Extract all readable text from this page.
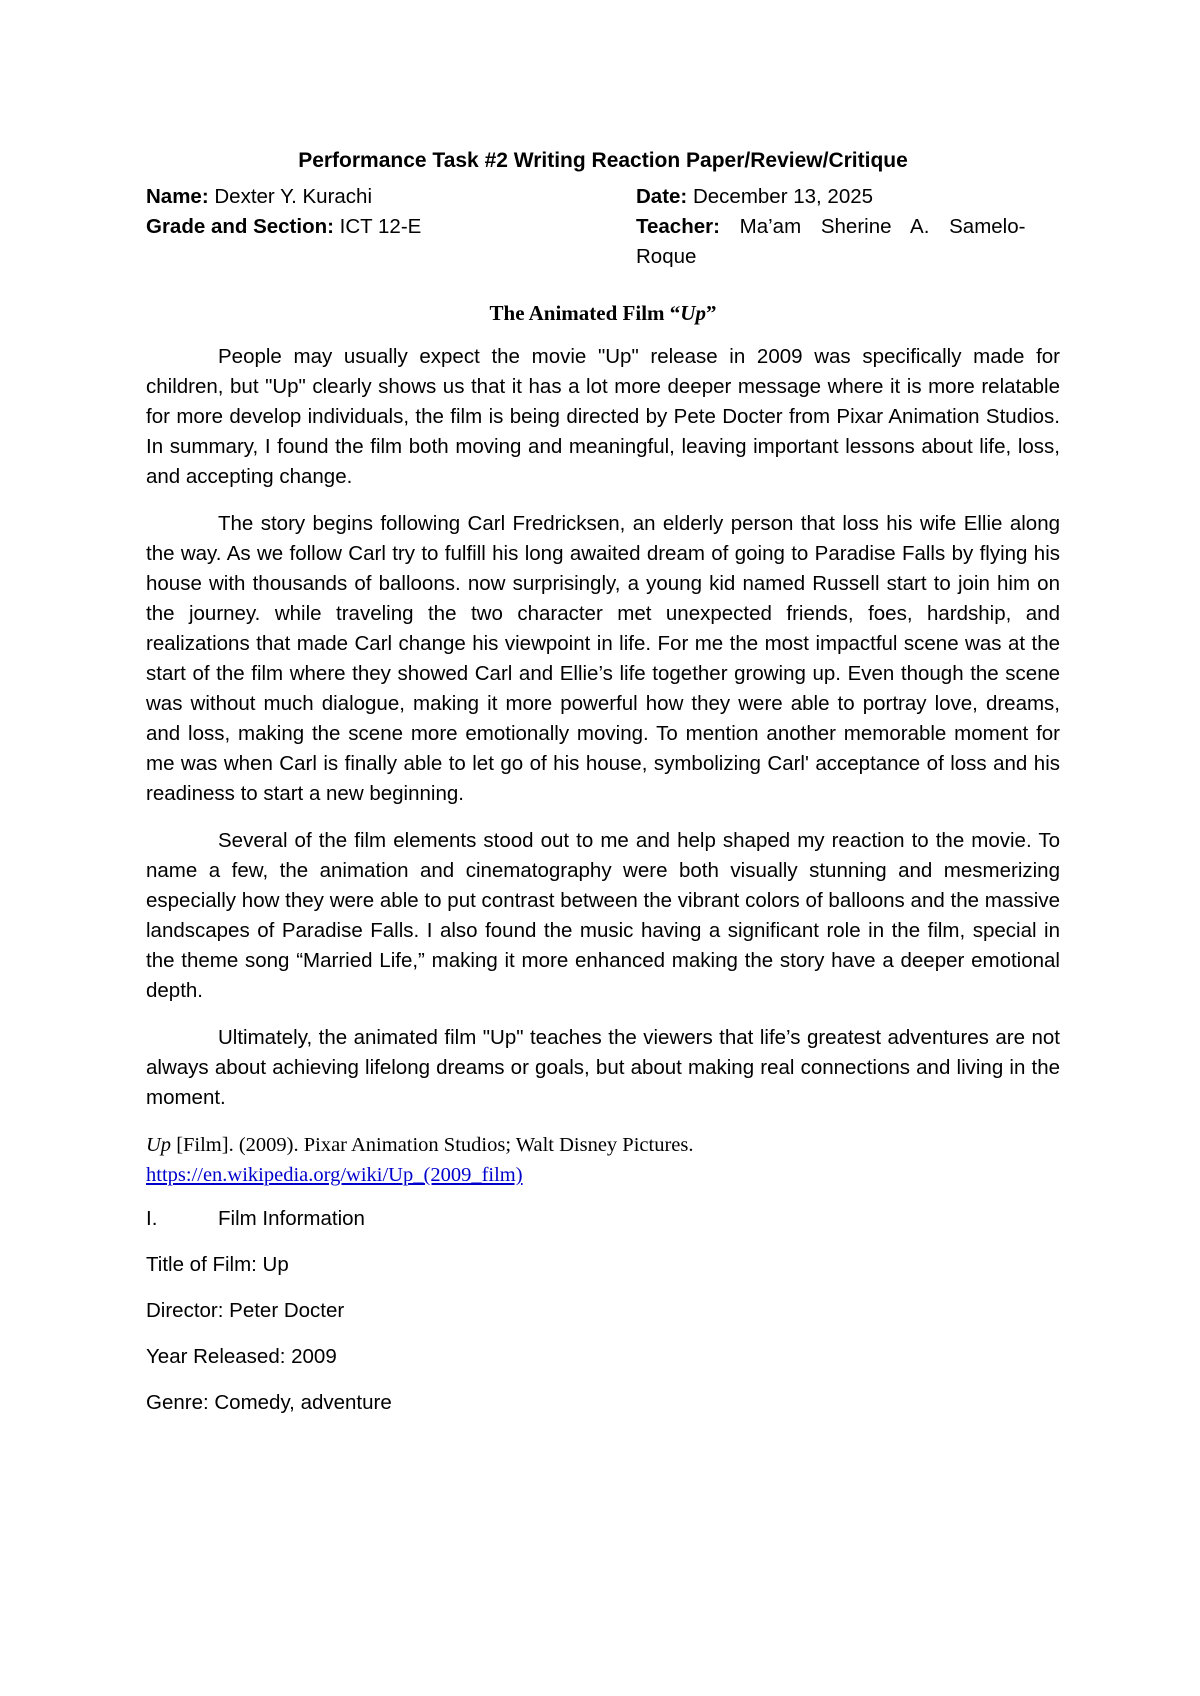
Performance Task #2 Writing Reaction Paper/Review/Critique
Name: Dexter Y. Kurachi	Date: December 13, 2025
Grade and Section: ICT 12-E	Teacher: Ma’am Sherine A. Samelo-
Roque
The Animated Film “Up”

People may usually expect the movie "Up" release in 2009 was specifically made for children, but "Up" clearly shows us that it has a lot more deeper message where it is more relatable for more develop individuals, the film is being directed by Pete Docter from Pixar Animation Studios. In summary, I found the film both moving and meaningful, leaving important lessons about life, loss, and accepting change.

The story begins following Carl Fredricksen, an elderly person that loss his wife Ellie along the way. As we follow Carl try to fulfill his long awaited dream of going to Paradise Falls by flying his house with thousands of balloons. now surprisingly, a young kid named Russell start to join him on the journey. while traveling the two character met unexpected friends, foes, hardship, and realizations that made Carl change his viewpoint in life. For me the most impactful scene was at the start of the film where they showed Carl and Ellie’s life together growing up. Even though the scene was without much dialogue, making it more powerful how they were able to portray love, dreams, and loss, making the scene more emotionally moving. To mention another memorable moment for me was when Carl is finally able to let go of his house, symbolizing Carl' acceptance of loss and his readiness to start a new beginning.

Several of the film elements stood out to me and help shaped my reaction to the movie. To name a few, the animation and cinematography were both visually stunning and mesmerizing especially how they were able to put contrast between the vibrant colors of balloons and the massive landscapes of Paradise Falls. I also found the music having a significant role in the film, special in the theme song “Married Life,” making it more enhanced making the story have a deeper emotional depth.

Ultimately, the animated film "Up" teaches the viewers that life’s greatest adventures are not always about achieving lifelong dreams or goals, but about making real connections and living in the moment.

Up [Film]. (2009). Pixar Animation Studios; Walt Disney Pictures.
https://en.wikipedia.org/wiki/Up_(2009_film)
I.	Film Information
Title of Film: Up
Director: Peter Docter
Year Released: 2009
Genre: Comedy, adventure
